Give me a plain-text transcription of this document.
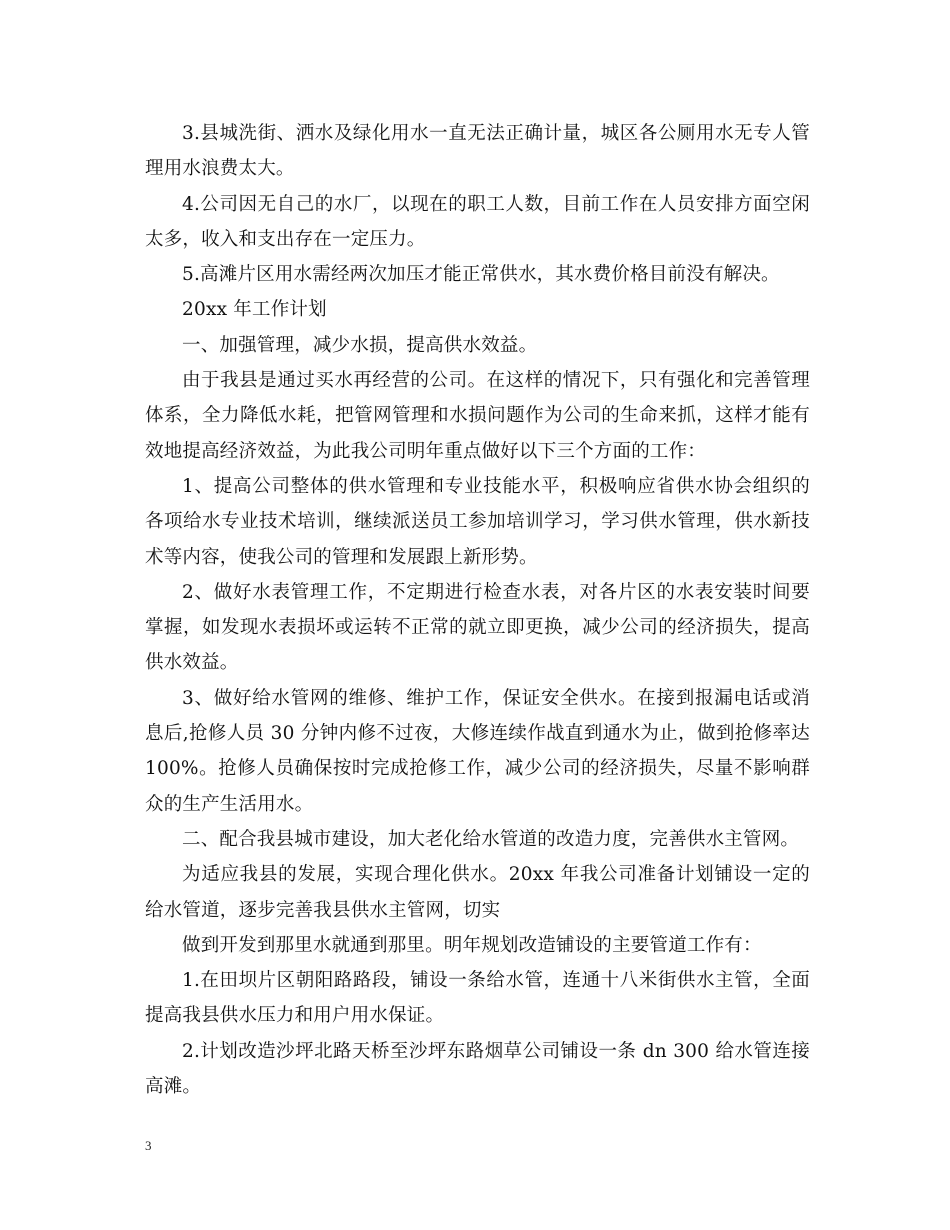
3.县城洗街、洒水及绿化用水一直无法正确计量，城区各公厕用水无专人管理用水浪费太大。

4.公司因无自己的水厂，以现在的职工人数，目前工作在人员安排方面空闲太多，收入和支出存在一定压力。

5.高滩片区用水需经两次加压才能正常供水，其水费价格目前没有解决。

20xx 年工作计划

一、加强管理，减少水损，提高供水效益。

由于我县是通过买水再经营的公司。在这样的情况下，只有强化和完善管理体系，全力降低水耗，把管网管理和水损问题作为公司的生命来抓，这样才能有效地提高经济效益，为此我公司明年重点做好以下三个方面的工作：

1、提高公司整体的供水管理和专业技能水平，积极响应省供水协会组织的各项给水专业技术培训，继续派送员工参加培训学习，学习供水管理，供水新技术等内容，使我公司的管理和发展跟上新形势。

2、做好水表管理工作，不定期进行检查水表，对各片区的水表安装时间要掌握，如发现水表损坏或运转不正常的就立即更换，减少公司的经济损失，提高供水效益。

3、做好给水管网的维修、维护工作，保证安全供水。在接到报漏电话或消息后,抢修人员 30 分钟内修不过夜，大修连续作战直到通水为止，做到抢修率达100%。抢修人员确保按时完成抢修工作，减少公司的经济损失，尽量不影响群众的生产生活用水。

二、配合我县城市建设，加大老化给水管道的改造力度，完善供水主管网。

为适应我县的发展，实现合理化供水。20xx 年我公司准备计划铺设一定的给水管道，逐步完善我县供水主管网，切实

做到开发到那里水就通到那里。明年规划改造铺设的主要管道工作有：

1.在田坝片区朝阳路路段，铺设一条给水管，连通十八米街供水主管，全面提高我县供水压力和用户用水保证。

2.计划改造沙坪北路天桥至沙坪东路烟草公司铺设一条 dn 300 给水管连接高滩。

3
